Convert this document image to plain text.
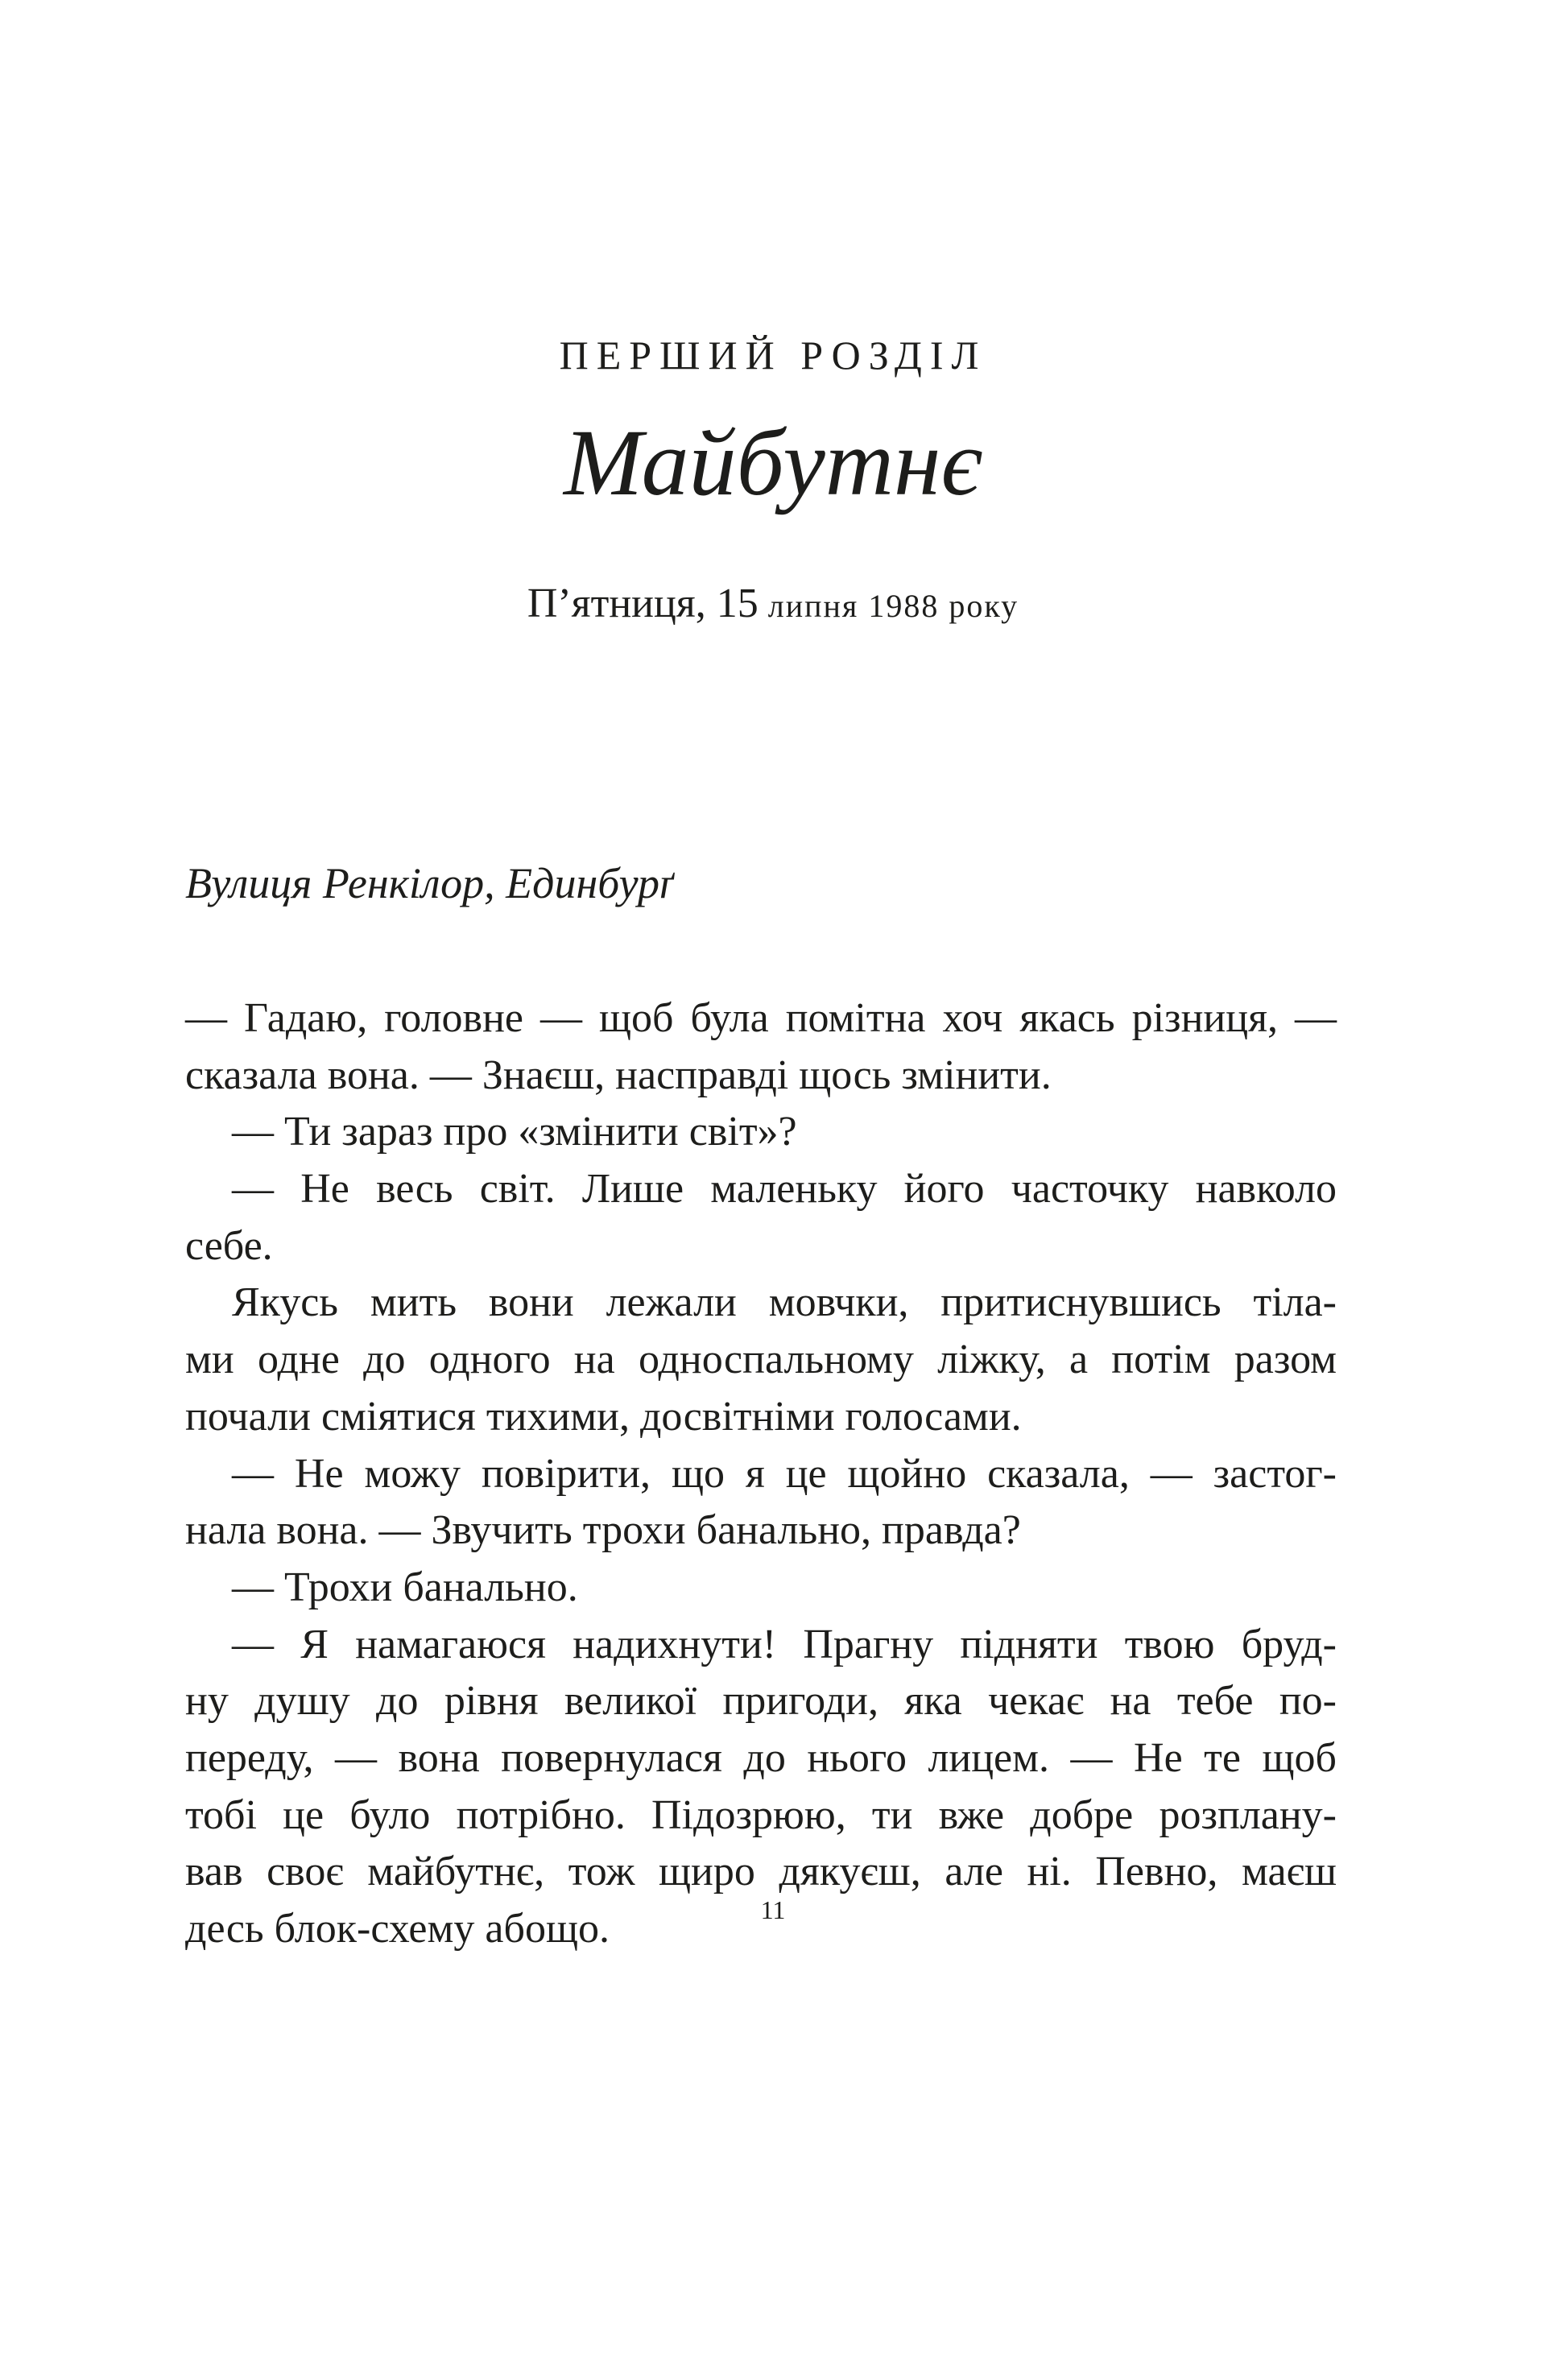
ПЕРШИЙ РОЗДІЛ
Майбутнє
П’ятниця, 15 липня 1988 року
Вулиця Ренкілор, Единбурґ
— Гадаю, головне — щоб була помітна хоч якась різниця, —
сказала вона. — Знаєш, насправді щось змінити.
— Ти зараз про «змінити світ»?
— Не весь світ. Лише маленьку його часточку навколо
себе.
Якусь мить вони лежали мовчки, притиснувшись тіла-
ми одне до одного на односпальному ліжку, а потім разом
почали сміятися тихими, досвітніми голосами.
— Не можу повірити, що я це щойно сказала, — застог-
нала вона. — Звучить трохи банально, правда?
— Трохи банально.
— Я намагаюся надихнути! Прагну підняти твою бруд-
ну душу до рівня великої пригоди, яка чекає на тебе по-
переду, — вона повернулася до нього лицем. — Не те щоб
тобі це було потрібно. Підозрюю, ти вже добре розплану-
вав своє майбутнє, тож щиро дякуєш, але ні. Певно, маєш
десь блок-схему абощо.	11
